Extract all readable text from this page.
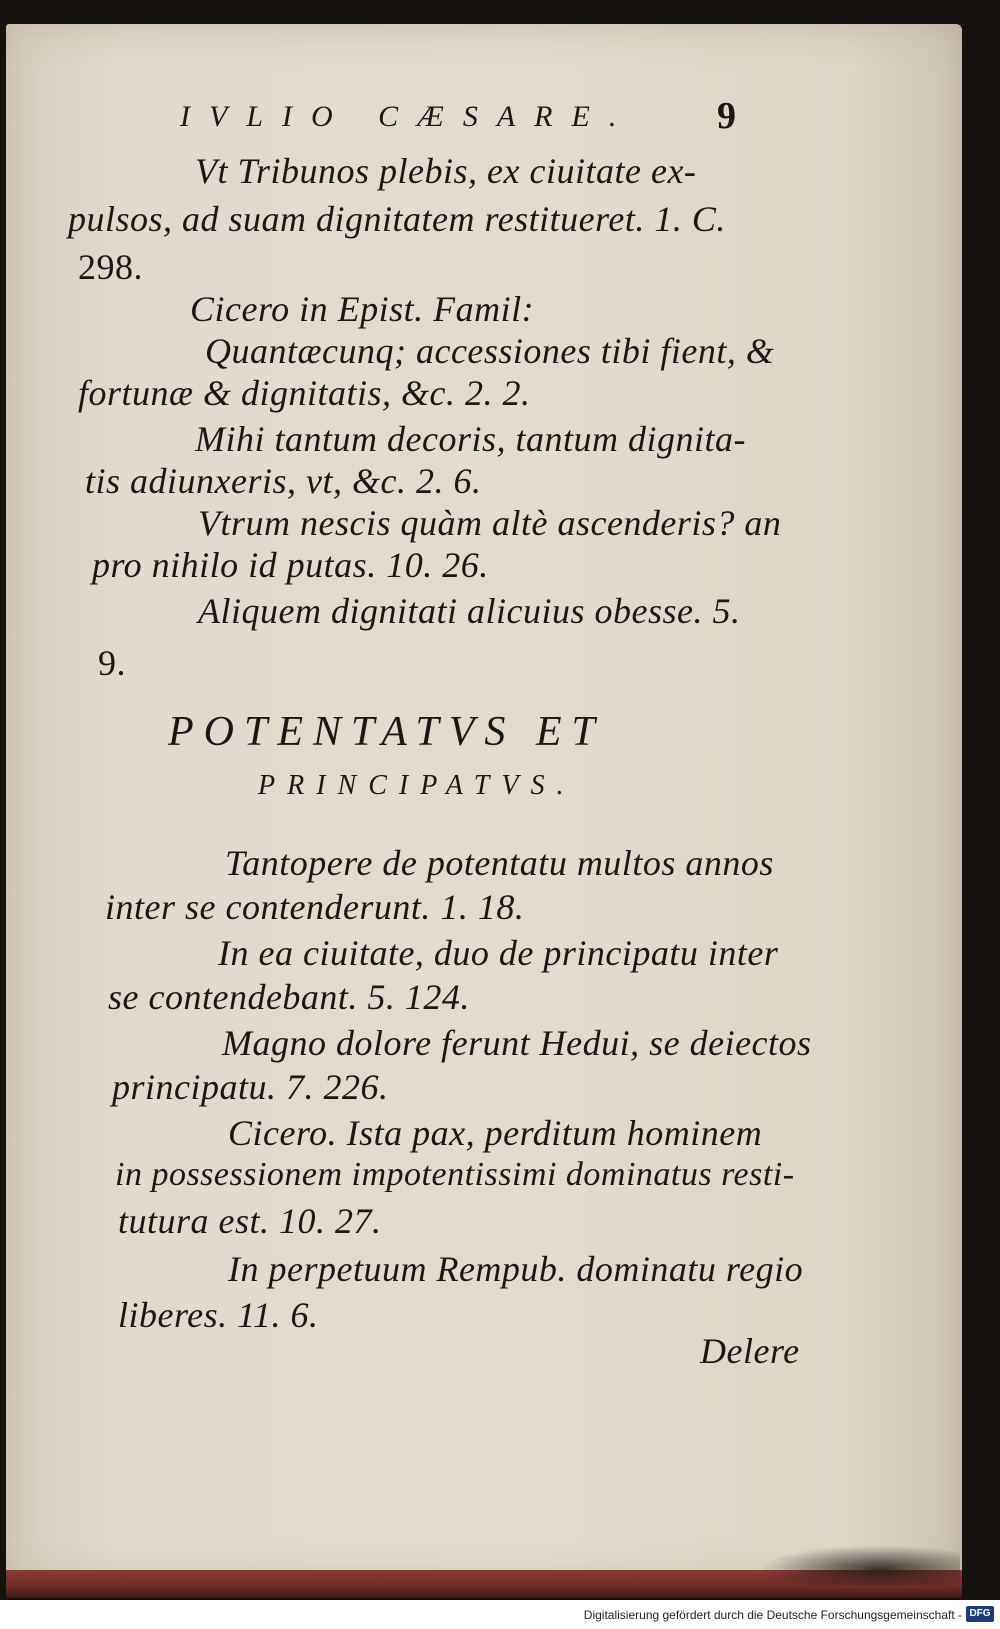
IVLIO CÆSARE.	9
Vt Tribunos plebis, ex ciuitate ex-
pulsos, ad suam dignitatem restitueret. 1. C.
298.
Cicero in Epist. Famil:
Quantæcunq; accessiones tibi fient, &
fortunæ & dignitatis, &c. 2. 2.
Mihi tantum decoris, tantum dignita-
tis adiunxeris, vt, &c. 2. 6.
Vtrum nescis quàm altè ascenderis? an
pro nihilo id putas. 10. 26.
Aliquem dignitati alicuius obesse. 5.
9.
POTENTATVS ET
PRINCIPATVS.
Tantopere de potentatu multos annos
inter se contenderunt. 1. 18.
In ea ciuitate, duo de principatu inter
se contendebant. 5. 124.
Magno dolore ferunt Hedui, se deiectos
principatu. 7. 226.
Cicero. Ista pax, perditum hominem
in possessionem impotentissimi dominatus resti-
tutura est. 10. 27.
In perpetuum Rempub. dominatu regio
liberes. 11. 6.
Delere
Digitalisierung gefördert durch die Deutsche Forschungsgemeinschaft - DFG
